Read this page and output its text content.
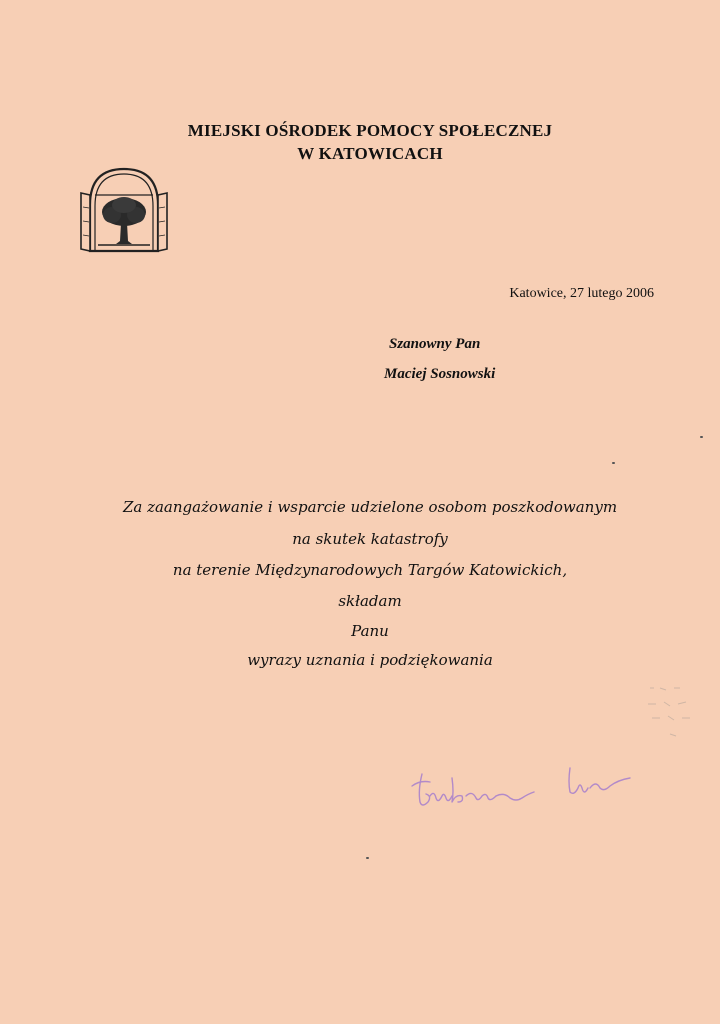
MIEJSKI OŚRODEK POMOCY SPOŁECZNEJ
W KATOWICACH
Katowice, 27 lutego 2006
Szanowny Pan
Maciej Sosnowski
Za zaangażowanie i wsparcie udzielone osobom poszkodowanym
na skutek katastrofy
na terenie Międzynarodowych Targów Katowickich,
składam
Panu
wyrazy uznania i podziękowania
